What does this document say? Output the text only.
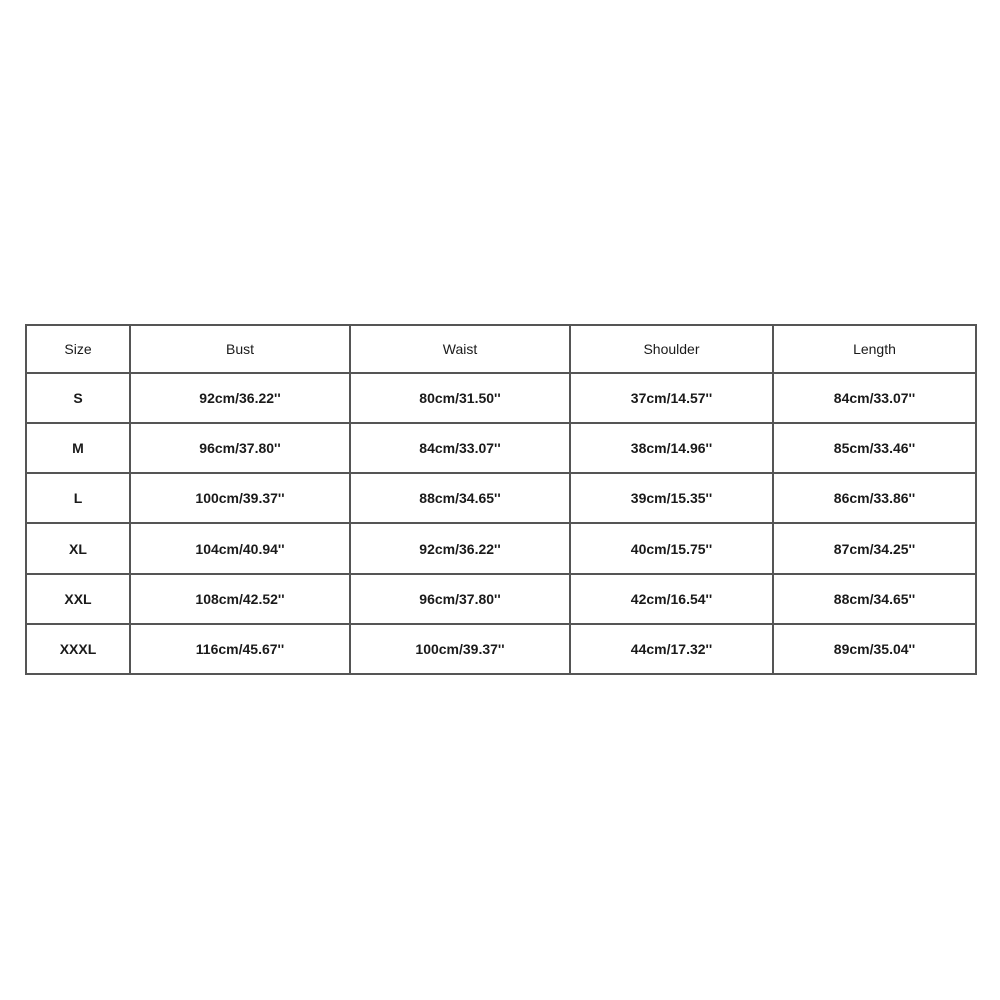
Size	Bust	Waist	Shoulder	Length
S	92cm/36.22''	80cm/31.50''	37cm/14.57''	84cm/33.07''
M	96cm/37.80''	84cm/33.07''	38cm/14.96''	85cm/33.46''
L	100cm/39.37''	88cm/34.65''	39cm/15.35''	86cm/33.86''
XL	104cm/40.94''	92cm/36.22''	40cm/15.75''	87cm/34.25''
XXL	108cm/42.52''	96cm/37.80''	42cm/16.54''	88cm/34.65''
XXXL	116cm/45.67''	100cm/39.37''	44cm/17.32''	89cm/35.04''
